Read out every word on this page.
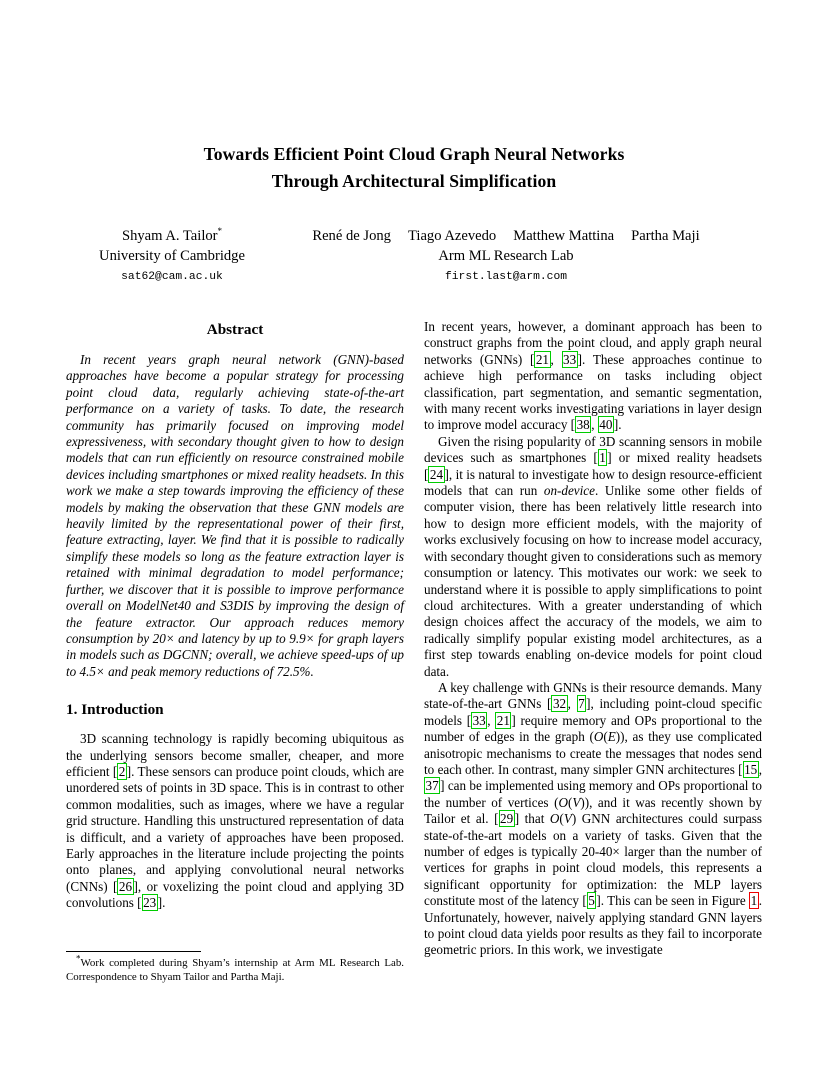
Towards Efficient Point Cloud Graph Neural Networks
Through Architectural Simplification
Shyam A. Tailor*
University of Cambridge
sat62@cam.ac.uk
René de Jong Tiago Azevedo Matthew Mattina Partha Maji
Arm ML Research Lab
first.last@arm.com
Abstract

In recent years graph neural network (GNN)-based approaches have become a popular strategy for processing point cloud data, regularly achieving state-of-the-art performance on a variety of tasks. To date, the research community has primarily focused on improving model expressiveness, with secondary thought given to how to design models that can run efficiently on resource constrained mobile devices including smartphones or mixed reality headsets. In this work we make a step towards improving the efficiency of these models by making the observation that these GNN models are heavily limited by the representational power of their first, feature extracting, layer. We find that it is possible to radically simplify these models so long as the feature extraction layer is retained with minimal degradation to model performance; further, we discover that it is possible to improve performance overall on ModelNet40 and S3DIS by improving the design of the feature extractor. Our approach reduces memory consumption by 20× and latency by up to 9.9× for graph layers in models such as DGCNN; overall, we achieve speed-ups of up to 4.5× and peak memory reductions of 72.5%.

1. Introduction

3D scanning technology is rapidly becoming ubiquitous as the underlying sensors become smaller, cheaper, and more efficient [ 2 ]. These sensors can produce point clouds, which are unordered sets of points in 3D space. This is in contrast to other common modalities, such as images, where we have a regular grid structure. Handling this unstructured representation of data is difficult, and a variety of approaches have been proposed. Early approaches in the literature include projecting the points onto planes, and applying convolutional neural networks (CNNs) [ 26 ], or voxelizing the point cloud and applying 3D convolutions [ 23 ].

*Work completed during Shyam’s internship at Arm ML Research Lab. Correspondence to Shyam Tailor and Partha Maji.

In recent years, however, a dominant approach has been to construct graphs from the point cloud, and apply graph neural networks (GNNs) [ 21 , 33 ]. These approaches continue to achieve high performance on tasks including object classification, part segmentation, and semantic segmentation, with many recent works investigating variations in layer design to improve model accuracy [ 38 , 40 ].

Given the rising popularity of 3D scanning sensors in mobile devices such as smartphones [ 1 ] or mixed reality headsets [ 24 ], it is natural to investigate how to design resource-efficient models that can run on-device. Unlike some other fields of computer vision, there has been relatively little research into how to design more efficient models, with the majority of works exclusively focusing on how to increase model accuracy, with secondary thought given to considerations such as memory consumption or latency. This motivates our work: we seek to understand where it is possible to apply simplifications to point cloud architectures. With a greater understanding of which design choices affect the accuracy of the models, we aim to radically simplify popular existing model architectures, as a first step towards enabling on-device models for point cloud data.

A key challenge with GNNs is their resource demands. Many state-of-the-art GNNs [ 32 , 7 ], including point-cloud specific models [ 33 , 21 ] require memory and OPs proportional to the number of edges in the graph (O(E)), as they use complicated anisotropic mechanisms to create the messages that nodes send to each other. In contrast, many simpler GNN architectures [ 15 , 37 ] can be implemented using memory and OPs proportional to the number of vertices (O(V)), and it was recently shown by Tailor et al. [ 29 ] that O(V) GNN architectures could surpass state-of-the-art models on a variety of tasks. Given that the number of edges is typically 20-40× larger than the number of vertices for graphs in point cloud models, this represents a significant opportunity for optimization: the MLP layers constitute most of the latency [ 5 ]. This can be seen in Figure 1 . Unfortunately, however, naively applying standard GNN layers to point cloud data yields poor results as they fail to incorporate geometric priors. In this work, we investigate
